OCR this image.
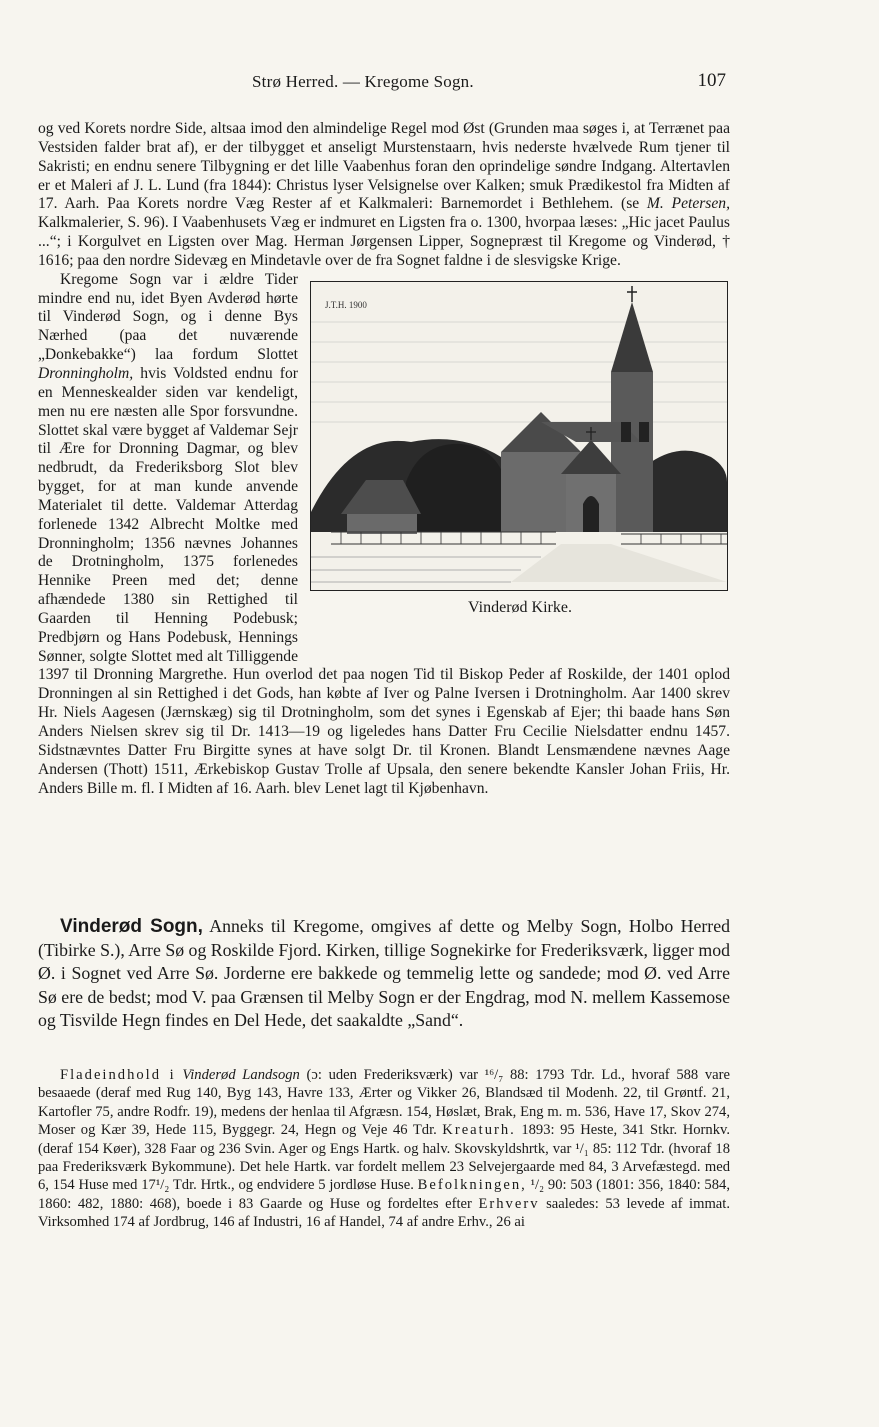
Strø Herred. — Kregome Sogn.	107

og ved Korets nordre Side, altsaa imod den almindelige Regel mod Øst (Grunden maa søges i, at Terrænet paa Vestsiden falder brat af), er der tilbygget et anseligt Murstenstaarn, hvis nederste hvælvede Rum tjener til Sakristi; en endnu senere Tilbygning er det lille Vaabenhus foran den oprindelige søndre Indgang. Altertavlen er et Maleri af J. L. Lund (fra 1844): Christus lyser Velsignelse over Kalken; smuk Prædikestol fra Midten af 17. Aarh. Paa Korets nordre Væg Rester af et Kalkmaleri: Barnemordet i Bethlehem. (se M. Petersen, Kalkmalerier, S. 96). I Vaabenhusets Væg er indmuret en Ligsten fra o. 1300, hvorpaa læses: „Hic jacet Paulus ...“; i Korgulvet en Ligsten over Mag. Herman Jørgensen Lipper, Sognepræst til Kregome og Vinderød, † 1616; paa den nordre Sidevæg en Mindetavle over de fra Sognet faldne i de slesvigske Krige.

J.T.H. 1900
Vinderød Kirke.

Kregome Sogn var i ældre Tider mindre end nu, idet Byen Avderød hørte til Vinderød Sogn, og i denne Bys Nærhed (paa det nuværende „Donkebakke“) laa fordum Slottet Dronningholm, hvis Voldsted endnu for en Menneskealder siden var kendeligt, men nu ere næsten alle Spor forsvundne. Slottet skal være bygget af Valdemar Sejr til Ære for Dronning Dagmar, og blev nedbrudt, da Frederiksborg Slot blev bygget, for at man kunde anvende Materialet til dette. Valdemar Atterdag forlenede 1342 Albrecht Moltke med Dronningholm; 1356 nævnes Johannes de Drotningholm, 1375 forlenedes Hennike Preen med det; denne afhændede 1380 sin Rettighed til Gaarden til Henning Podebusk; Predbjørn og Hans Podebusk, Hennings Sønner, solgte Slottet med alt Tilliggende 1397 til Dronning Margrethe. Hun overlod det paa nogen Tid til Biskop Peder af Roskilde, der 1401 oplod Dronningen al sin Rettighed i det Gods, han købte af Iver og Palne Iversen i Drotningholm. Aar 1400 skrev Hr. Niels Aagesen (Jærnskæg) sig til Drotningholm, som det synes i Egenskab af Ejer; thi baade hans Søn Anders Nielsen skrev sig til Dr. 1413—19 og ligeledes hans Datter Fru Cecilie Nielsdatter endnu 1457. Sidstnævntes Datter Fru Birgitte synes at have solgt Dr. til Kronen. Blandt Lensmændene nævnes Aage Andersen (Thott) 1511, Ærkebiskop Gustav Trolle af Upsala, den senere bekendte Kansler Johan Friis, Hr. Anders Bille m. fl. I Midten af 16. Aarh. blev Lenet lagt til Kjøbenhavn.

Vinderød Sogn, Anneks til Kregome, omgives af dette og Melby Sogn, Holbo Herred (Tibirke S.), Arre Sø og Roskilde Fjord. Kirken, tillige Sognekirke for Frederiksværk, ligger mod Ø. i Sognet ved Arre Sø. Jorderne ere bakkede og temmelig lette og sandede; mod Ø. ved Arre Sø ere de bedst; mod V. paa Grænsen til Melby Sogn er der Engdrag, mod N. mellem Kassemose og Tisvilde Hegn findes en Del Hede, det saakaldte „Sand“.

Fladeindhold i Vinderød Landsogn (ɔ: uden Frederiksværk) var ¹⁶/₇ 88: 1793 Tdr. Ld., hvoraf 588 vare besaaede (deraf med Rug 140, Byg 143, Havre 133, Ærter og Vikker 26, Blandsæd til Modenh. 22, til Grøntf. 21, Kartofler 75, andre Rodfr. 19), medens der henlaa til Afgræsn. 154, Høslæt, Brak, Eng m. m. 536, Have 17, Skov 274, Moser og Kær 39, Hede 115, Byggegr. 24, Hegn og Veje 46 Tdr. Kreaturh. 1893: 95 Heste, 341 Stkr. Hornkv. (deraf 154 Køer), 328 Faar og 236 Svin. Ager og Engs Hartk. og halv. Skovskyldshrtk, var ¹/₁ 85: 112 Tdr. (hvoraf 18 paa Frederiksværk Bykommune). Det hele Hartk. var fordelt mellem 23 Selvejergaarde med 84, 3 Arvefæstegd. med 6, 154 Huse med 17¹/₂ Tdr. Hrtk., og endvidere 5 jordløse Huse. Befolkningen, ¹/₂ 90: 503 (1801: 356, 1840: 584, 1860: 482, 1880: 468), boede i 83 Gaarde og Huse og fordeltes efter Erhverv saaledes: 53 levede af immat. Virksomhed 174 af Jordbrug, 146 af Industri, 16 af Handel, 74 af andre Erhv., 26 ai
